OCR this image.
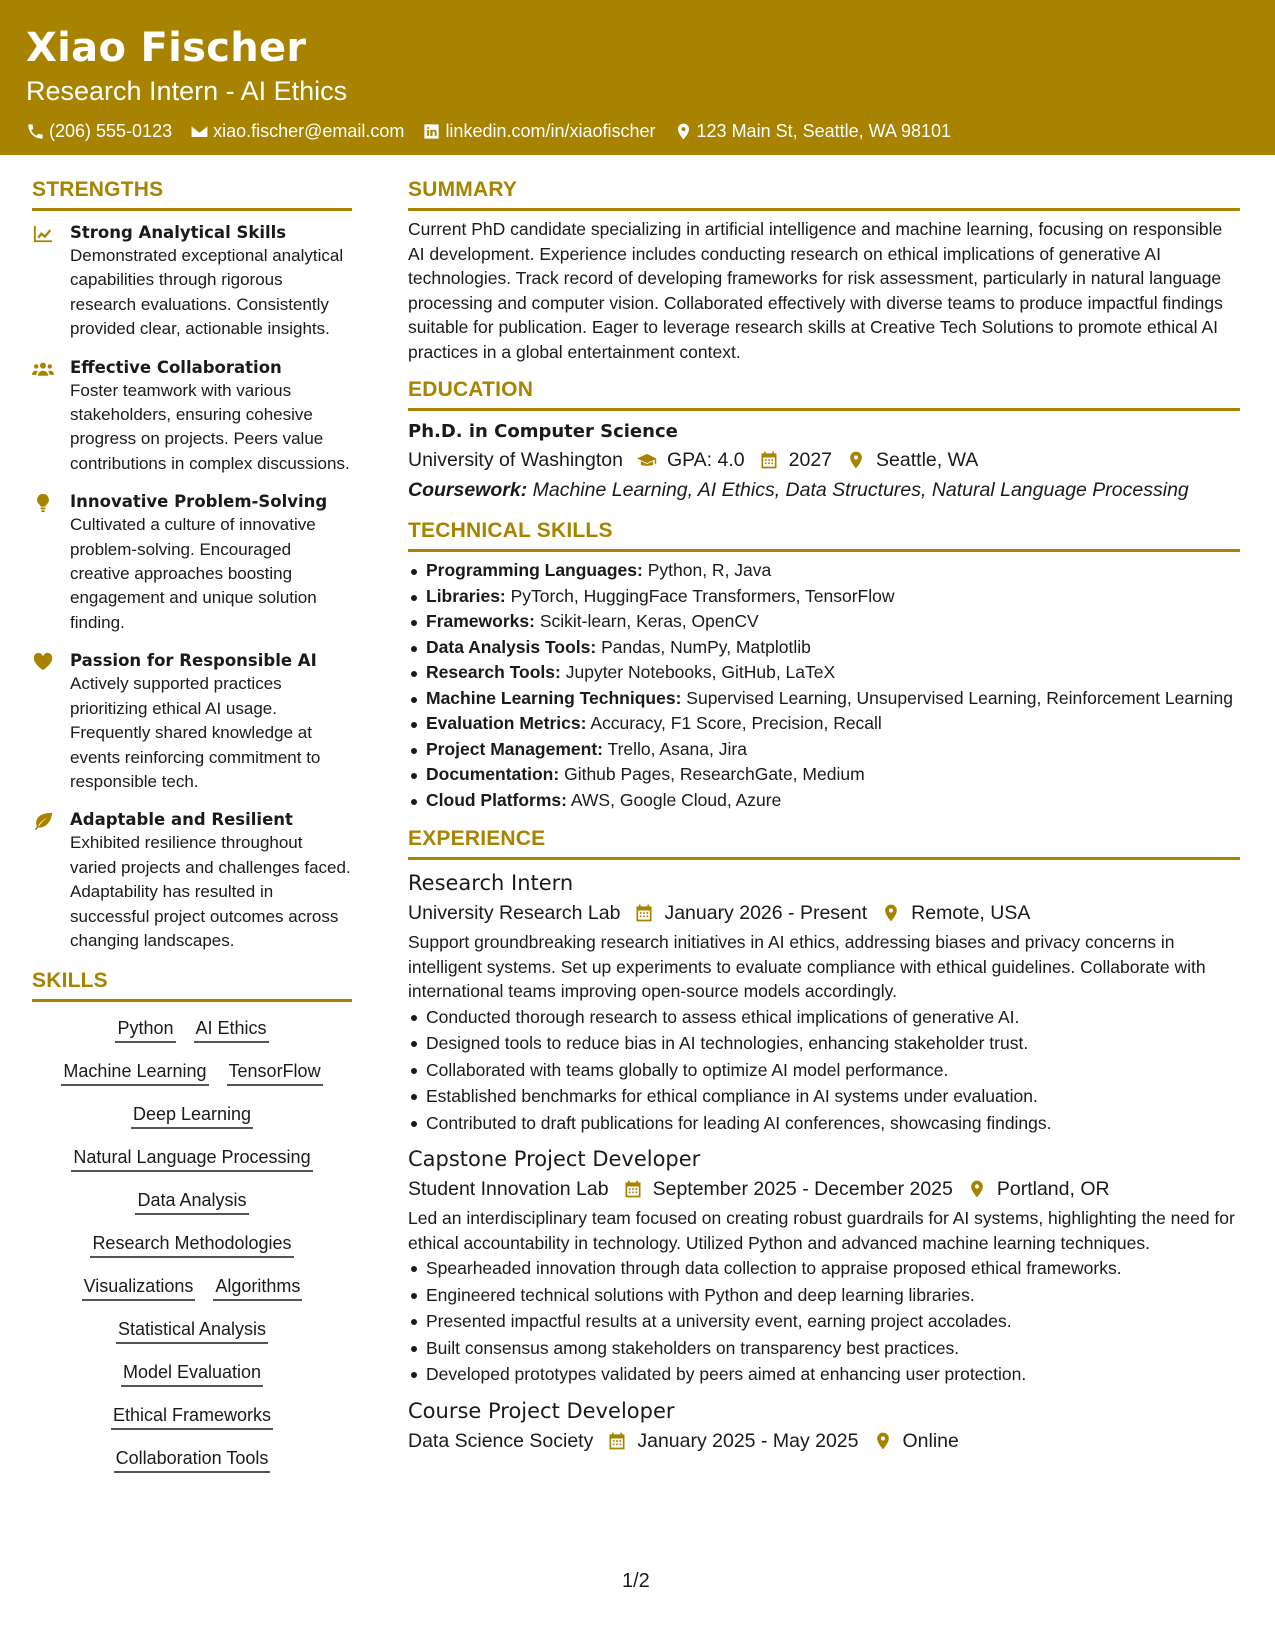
Xiao Fischer
Research Intern - AI Ethics
(206) 555-0123 xiao.fischer@email.com linkedin.com/in/xiaofischer 123 Main St, Seattle, WA 98101
STRENGTHS
Strong Analytical Skills
Demonstrated exceptional analytical capabilities through rigorous research evaluations. Consistently provided clear, actionable insights.
Effective Collaboration
Foster teamwork with various stakeholders, ensuring cohesive progress on projects. Peers value contributions in complex discussions.
Innovative Problem-Solving
Cultivated a culture of innovative problem-solving. Encouraged creative approaches boosting engagement and unique solution finding.
Passion for Responsible AI
Actively supported practices prioritizing ethical AI usage. Frequently shared knowledge at events reinforcing commitment to responsible tech.
Adaptable and Resilient
Exhibited resilience throughout varied projects and challenges faced. Adaptability has resulted in successful project outcomes across changing landscapes.
SKILLS
Python AI Ethics
Machine Learning TensorFlow
Deep Learning
Natural Language Processing
Data Analysis
Research Methodologies
Visualizations Algorithms
Statistical Analysis
Model Evaluation
Ethical Frameworks
Collaboration Tools
SUMMARY
Current PhD candidate specializing in artificial intelligence and machine learning, focusing on responsible AI development. Experience includes conducting research on ethical implications of generative AI technologies. Track record of developing frameworks for risk assessment, particularly in natural language processing and computer vision. Collaborated effectively with diverse teams to produce impactful findings suitable for publication. Eager to leverage research skills at Creative Tech Solutions to promote ethical AI practices in a global entertainment context.
EDUCATION
Ph.D. in Computer Science
University of Washington GPA: 4.0 2027 Seattle, WA
Coursework: Machine Learning, AI Ethics, Data Structures, Natural Language Processing
TECHNICAL SKILLS
Programming Languages: Python, R, Java
Libraries: PyTorch, HuggingFace Transformers, TensorFlow
Frameworks: Scikit-learn, Keras, OpenCV
Data Analysis Tools: Pandas, NumPy, Matplotlib
Research Tools: Jupyter Notebooks, GitHub, LaTeX
Machine Learning Techniques: Supervised Learning, Unsupervised Learning, Reinforcement Learning
Evaluation Metrics: Accuracy, F1 Score, Precision, Recall
Project Management: Trello, Asana, Jira
Documentation: Github Pages, ResearchGate, Medium
Cloud Platforms: AWS, Google Cloud, Azure
EXPERIENCE
Research Intern
University Research Lab January 2026 - Present Remote, USA
Support groundbreaking research initiatives in AI ethics, addressing biases and privacy concerns in intelligent systems. Set up experiments to evaluate compliance with ethical guidelines. Collaborate with international teams improving open-source models accordingly.
Conducted thorough research to assess ethical implications of generative AI.
Designed tools to reduce bias in AI technologies, enhancing stakeholder trust.
Collaborated with teams globally to optimize AI model performance.
Established benchmarks for ethical compliance in AI systems under evaluation.
Contributed to draft publications for leading AI conferences, showcasing findings.
Capstone Project Developer
Student Innovation Lab September 2025 - December 2025 Portland, OR
Led an interdisciplinary team focused on creating robust guardrails for AI systems, highlighting the need for ethical accountability in technology. Utilized Python and advanced machine learning techniques.
Spearheaded innovation through data collection to appraise proposed ethical frameworks.
Engineered technical solutions with Python and deep learning libraries.
Presented impactful results at a university event, earning project accolades.
Built consensus among stakeholders on transparency best practices.
Developed prototypes validated by peers aimed at enhancing user protection.
Course Project Developer
Data Science Society January 2025 - May 2025 Online
1/2
